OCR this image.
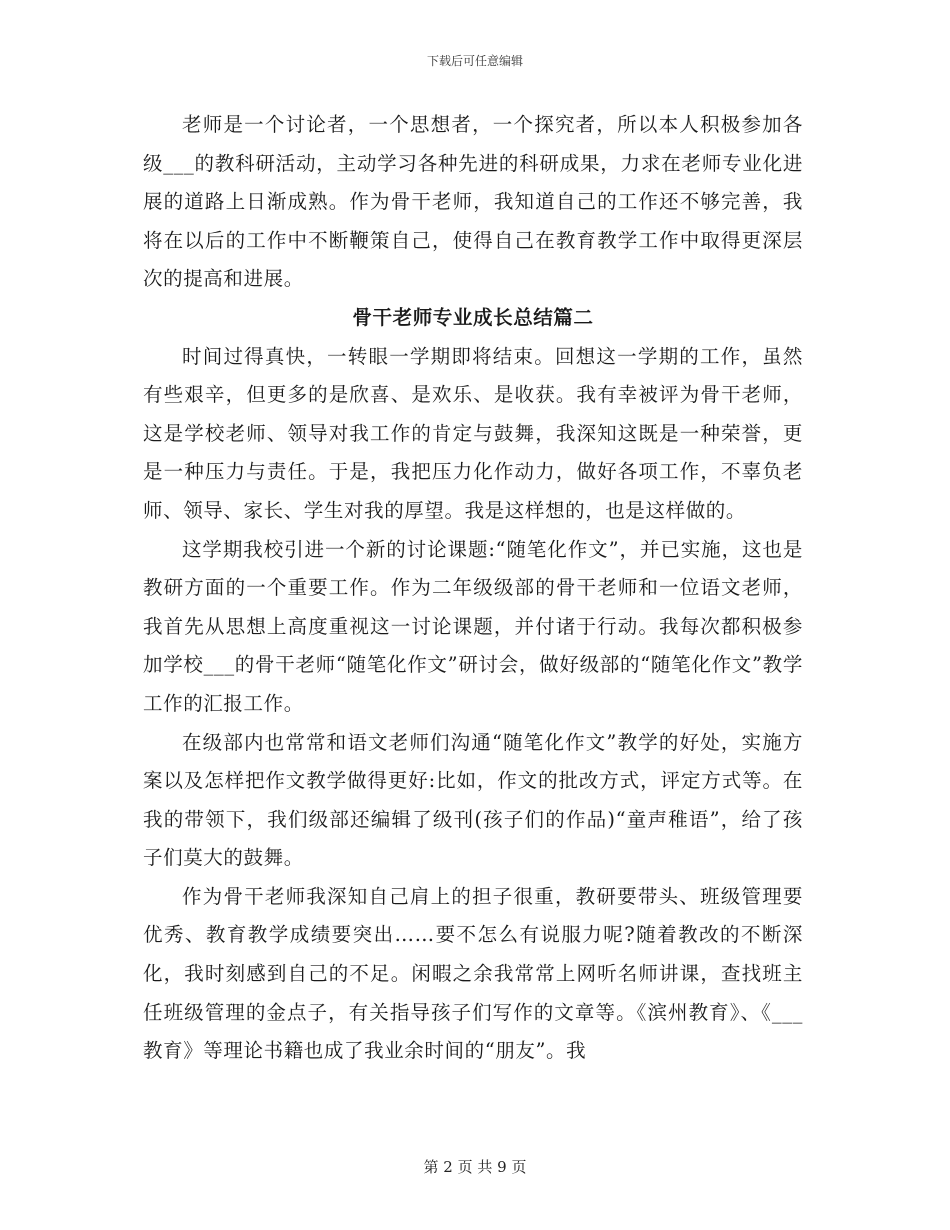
下载后可任意编辑

老师是一个讨论者，一个思想者，一个探究者，所以本人积极参加各级___的教科研活动，主动学习各种先进的科研成果，力求在老师专业化进展的道路上日渐成熟。作为骨干老师，我知道自己的工作还不够完善，我将在以后的工作中不断鞭策自己，使得自己在教育教学工作中取得更深层次的提高和进展。

骨干老师专业成长总结篇二

时间过得真快，一转眼一学期即将结束。回想这一学期的工作，虽然有些艰辛，但更多的是欣喜、是欢乐、是收获。我有幸被评为骨干老师，这是学校老师、领导对我工作的肯定与鼓舞，我深知这既是一种荣誉，更是一种压力与责任。于是，我把压力化作动力，做好各项工作，不辜负老师、领导、家长、学生对我的厚望。我是这样想的，也是这样做的。

这学期我校引进一个新的讨论课题:“随笔化作文”，并已实施，这也是教研方面的一个重要工作。作为二年级级部的骨干老师和一位语文老师，我首先从思想上高度重视这一讨论课题，并付诸于行动。我每次都积极参加学校___的骨干老师“随笔化作文”研讨会，做好级部的“随笔化作文”教学工作的汇报工作。

在级部内也常常和语文老师们沟通“随笔化作文”教学的好处，实施方案以及怎样把作文教学做得更好:比如，作文的批改方式，评定方式等。在我的带领下，我们级部还编辑了级刊(孩子们的作品)“童声稚语”，给了孩子们莫大的鼓舞。

作为骨干老师我深知自己肩上的担子很重，教研要带头、班级管理要优秀、教育教学成绩要突出……要不怎么有说服力呢?随着教改的不断深化，我时刻感到自己的不足。闲暇之余我常常上网听名师讲课，查找班主任班级管理的金点子，有关指导孩子们写作的文章等。《滨州教育》、《___教育》等理论书籍也成了我业余时间的“朋友”。我

第 2 页 共 9 页
